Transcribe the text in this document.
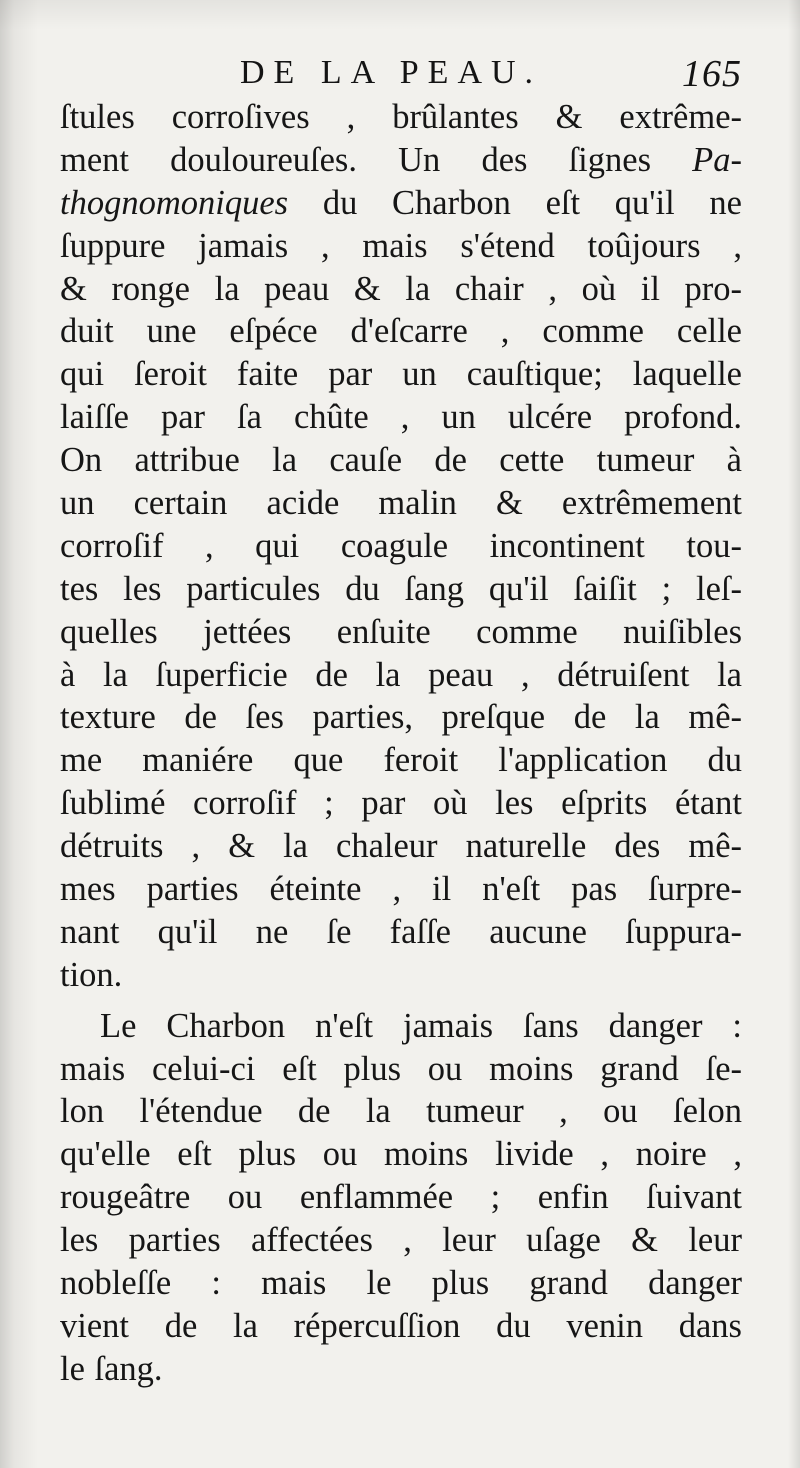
DE LA PEAU.	165
ſtules corroſives , brûlantes & extrême-
ment douloureuſes. Un des ſignes Pa-
thognomoniques du Charbon eſt qu'il ne
ſuppure jamais , mais s'étend toûjours ,
& ronge la peau & la chair , où il pro-
duit une eſpéce d'eſcarre , comme celle
qui ſeroit faite par un cauſtique; laquelle
laiſſe par ſa chûte , un ulcére profond.
On attribue la cauſe de cette tumeur à
un certain acide malin & extrêmement
corroſif , qui coagule incontinent tou-
tes les particules du ſang qu'il ſaiſit ; leſ-
quelles jettées enſuite comme nuiſibles
à la ſuperficie de la peau , détruiſent la
texture de ſes parties, preſque de la mê-
me maniére que feroit l'application du
ſublimé corroſif ; par où les eſprits étant
détruits , & la chaleur naturelle des mê-
mes parties éteinte , il n'eſt pas ſurpre-
nant qu'il ne ſe faſſe aucune ſuppura-
tion.
Le Charbon n'eſt jamais ſans danger :
mais celui-ci eſt plus ou moins grand ſe-
lon l'étendue de la tumeur , ou ſelon
qu'elle eſt plus ou moins livide , noire ,
rougeâtre ou enflammée ; enfin ſuivant
les parties affectées , leur uſage & leur
nobleſſe : mais le plus grand danger
vient de la répercuſſion du venin dans
le ſang.
